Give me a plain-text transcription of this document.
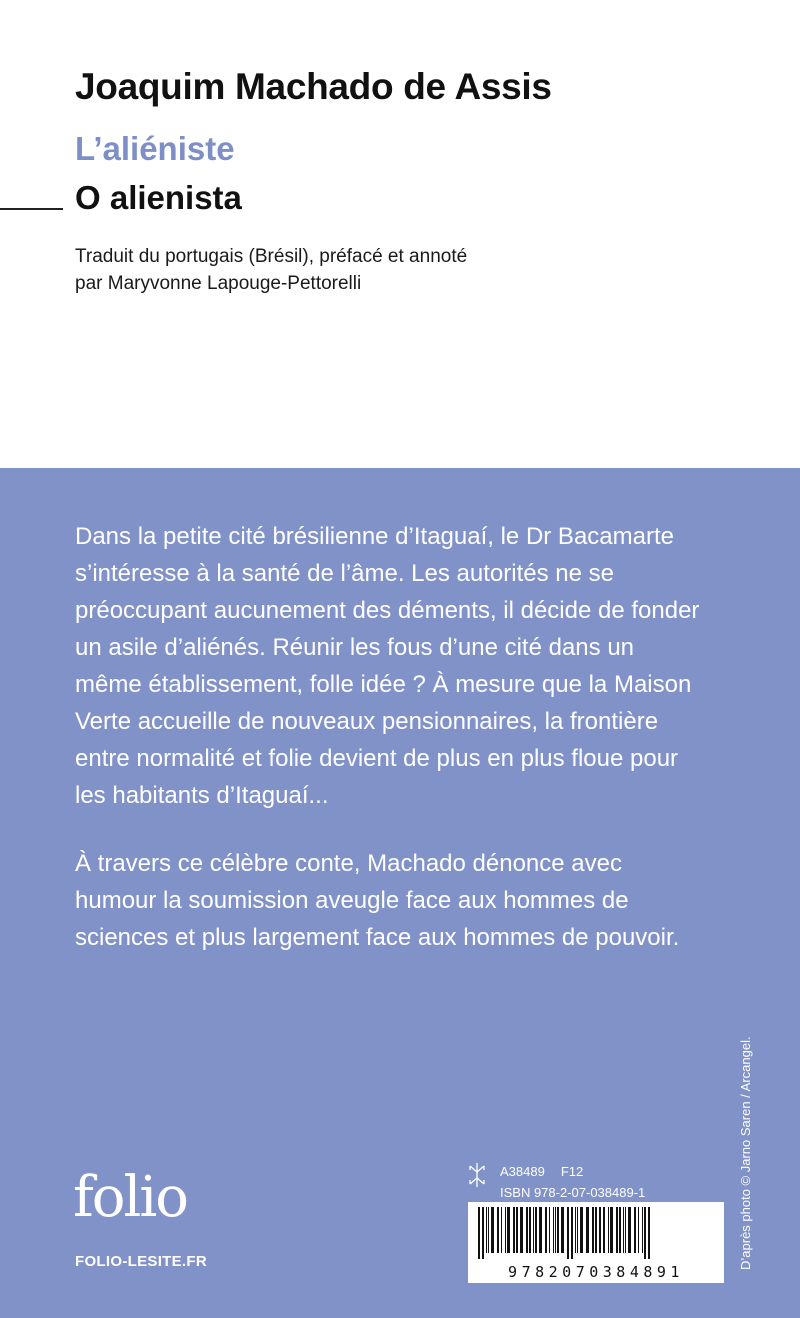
Joaquim Machado de Assis
L’aliéniste
O alienista

Traduit du portugais (Brésil), préfacé et annoté
par Maryvonne Lapouge-Pettorelli

Dans la petite cité brésilienne d’Itaguaí, le Dr Bacamarte s’intéresse à la santé de l’âme. Les autorités ne se préoccupant aucunement des déments, il décide de fonder un asile d’aliénés. Réunir les fous d’une cité dans un même établissement, folle idée ? À mesure que la Maison Verte accueille de nouveaux pensionnaires, la frontière entre normalité et folie devient de plus en plus floue pour les habitants d’Itaguaí...

À travers ce célèbre conte, Machado dénonce avec humour la soumission aveugle face aux hommes de sciences et plus largement face aux hommes de pouvoir.

D’après photo © Jarno Saren / Arcangel.
folio
FOLIO-LESITE.FR
A38489 F12
ISBN 978-2-07-038489-1
9782070384891
